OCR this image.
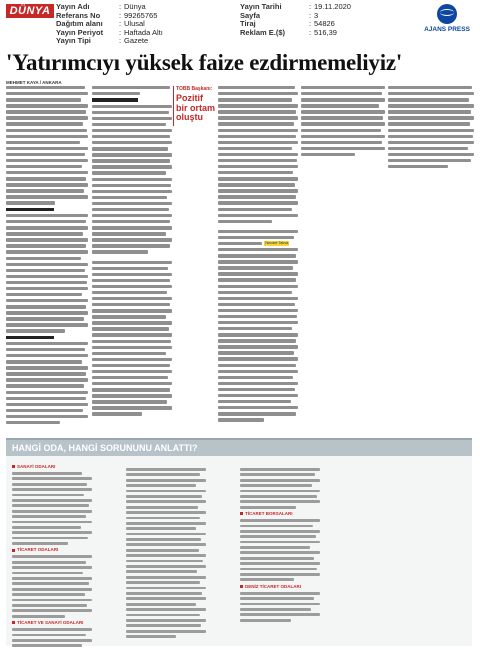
DÜNYA Yayın Adı	: Dünya
Referans No	: 99265765
Dağıtım alanı : Ulusal
Yayın Periyot : Haftada Altı
Yayın Tipi	: Gazete
Yayın Tarihi	: 19.11.2020
Sayfa	: 3
Tiraj	: 54826
Reklam E.($)	: 516,39	AJANS PRESS
'Yatırımcıyı yüksek faize ezdirmemeliyiz'
MEHMET KAYA / ANKARA
TOBB Başkanı:
Pozitif bir ortam oluştu
Necdet Takva
HANGİ ODA, HANGİ SORUNUNU ANLATTI?
SANAYİ ODALARI
TİCARET ODALARI
TİCARET VE SANAYİ ODALARI
TİCARET BORSALARI
DENİZ TİCARET ODALARI
